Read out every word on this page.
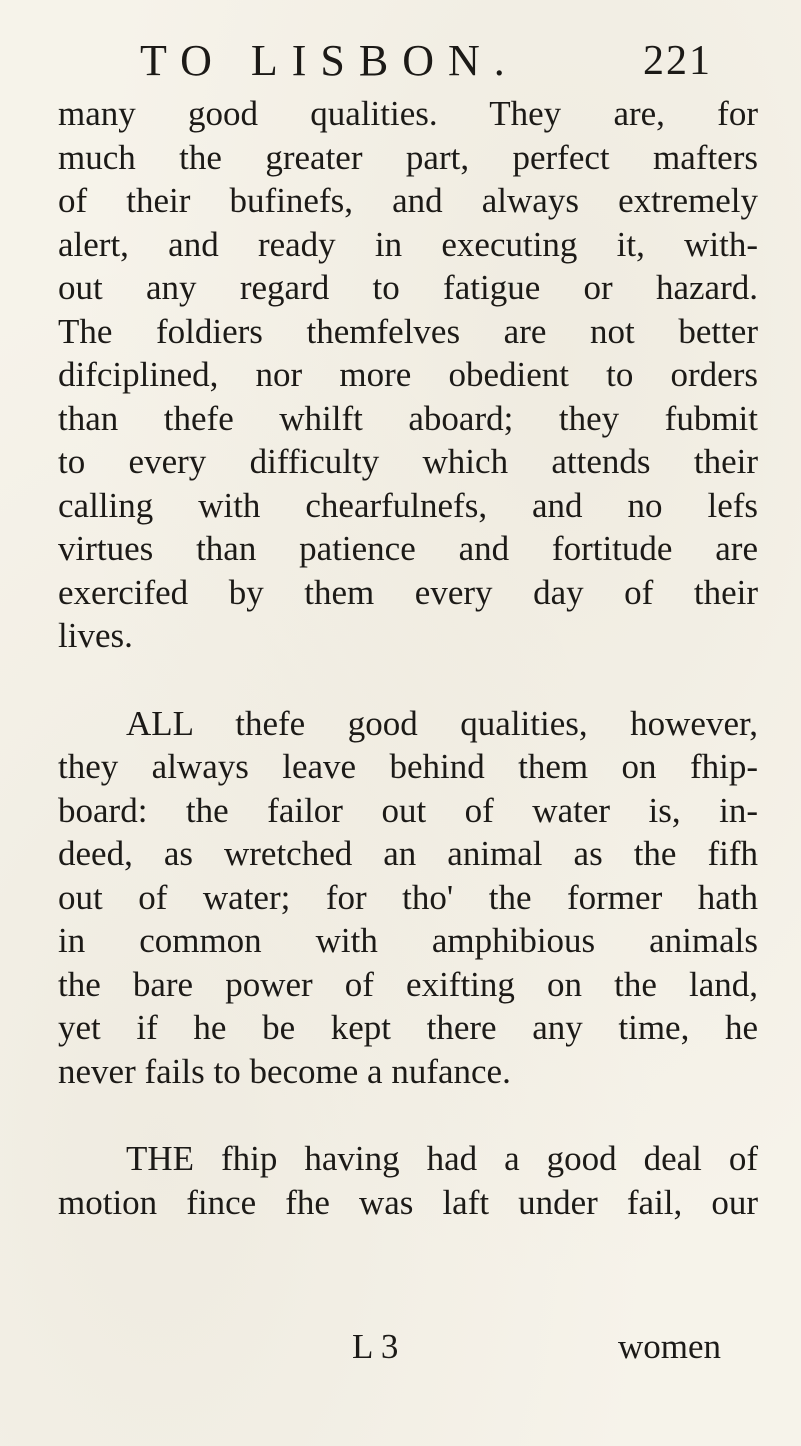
TO LISBON.	221
many good qualities. They are, for
much the greater part, perfect mafters
of their bufinefs, and always extremely
alert, and ready in executing it, with-
out any regard to fatigue or hazard.
The foldiers themfelves are not better
difciplined, nor more obedient to orders
than thefe whilft aboard; they fubmit
to every difficulty which attends their
calling with chearfulnefs, and no lefs
virtues than patience and fortitude are
exercifed by them every day of their
lives.
ALL thefe good qualities, however,
they always leave behind them on fhip-
board: the failor out of water is, in-
deed, as wretched an animal as the fifh
out of water; for tho' the former hath
in common with amphibious animals
the bare power of exifting on the land,
yet if he be kept there any time, he
never fails to become a nufance.
THE fhip having had a good deal of
motion fince fhe was laft under fail, our
L 3	women
